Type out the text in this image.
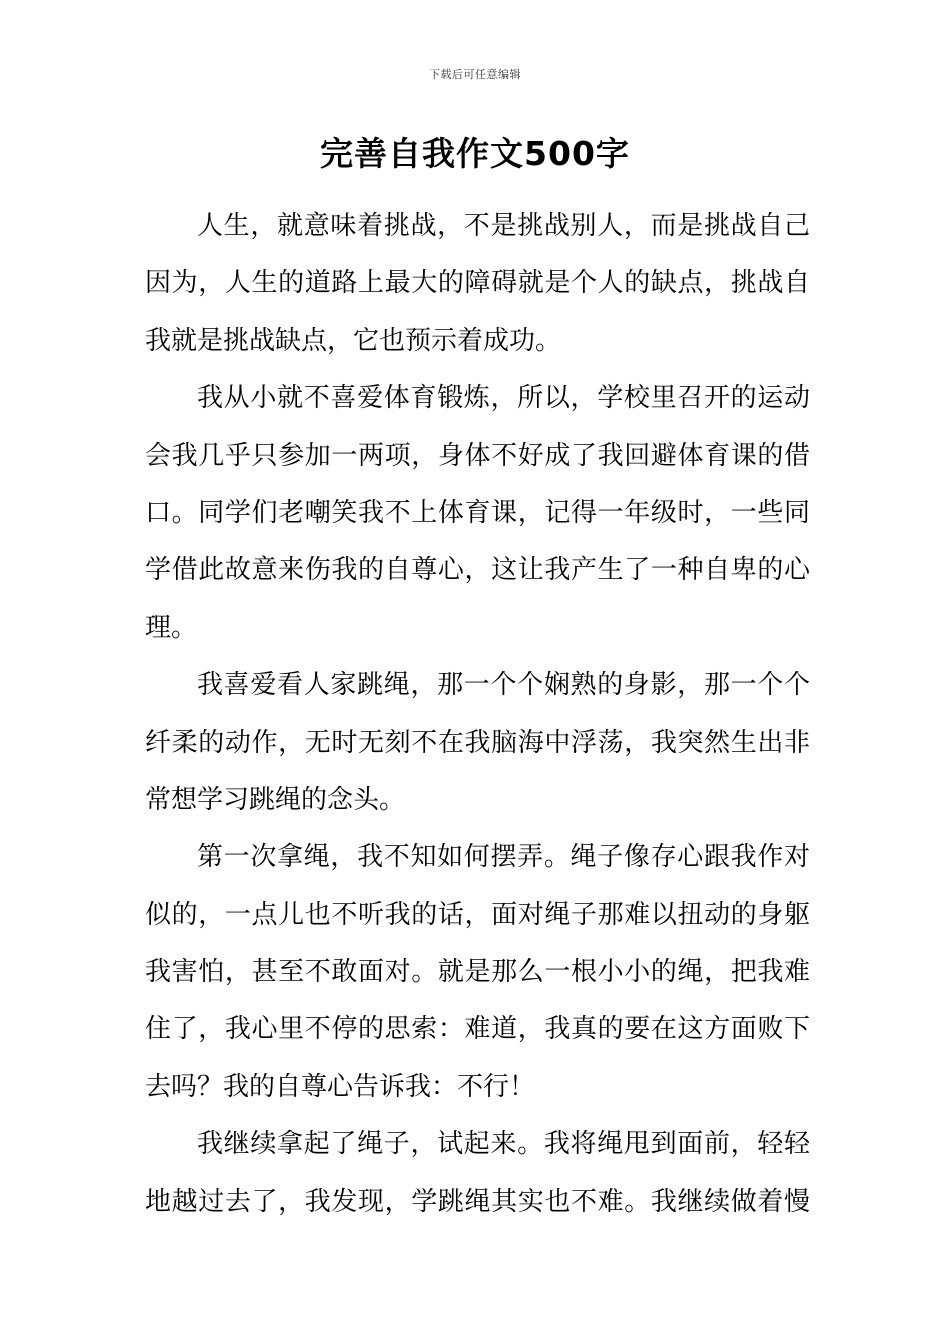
下载后可任意编辑
完善自我作文500字
人生，就意味着挑战，不是挑战别人，而是挑战自己
因为，人生的道路上最大的障碍就是个人的缺点，挑战自
我就是挑战缺点，它也预示着成功。
我从小就不喜爱体育锻炼，所以，学校里召开的运动
会我几乎只参加一两项，身体不好成了我回避体育课的借
口。同学们老嘲笑我不上体育课，记得一年级时，一些同
学借此故意来伤我的自尊心，这让我产生了一种自卑的心
理。
我喜爱看人家跳绳，那一个个娴熟的身影，那一个个
纤柔的动作，无时无刻不在我脑海中浮荡，我突然生出非
常想学习跳绳的念头。
第一次拿绳，我不知如何摆弄。绳子像存心跟我作对
似的，一点儿也不听我的话，面对绳子那难以扭动的身躯
我害怕，甚至不敢面对。就是那么一根小小的绳，把我难
住了，我心里不停的思索：难道，我真的要在这方面败下
去吗？我的自尊心告诉我：不行！
我继续拿起了绳子，试起来。我将绳甩到面前，轻轻
地越过去了，我发现，学跳绳其实也不难。我继续做着慢
